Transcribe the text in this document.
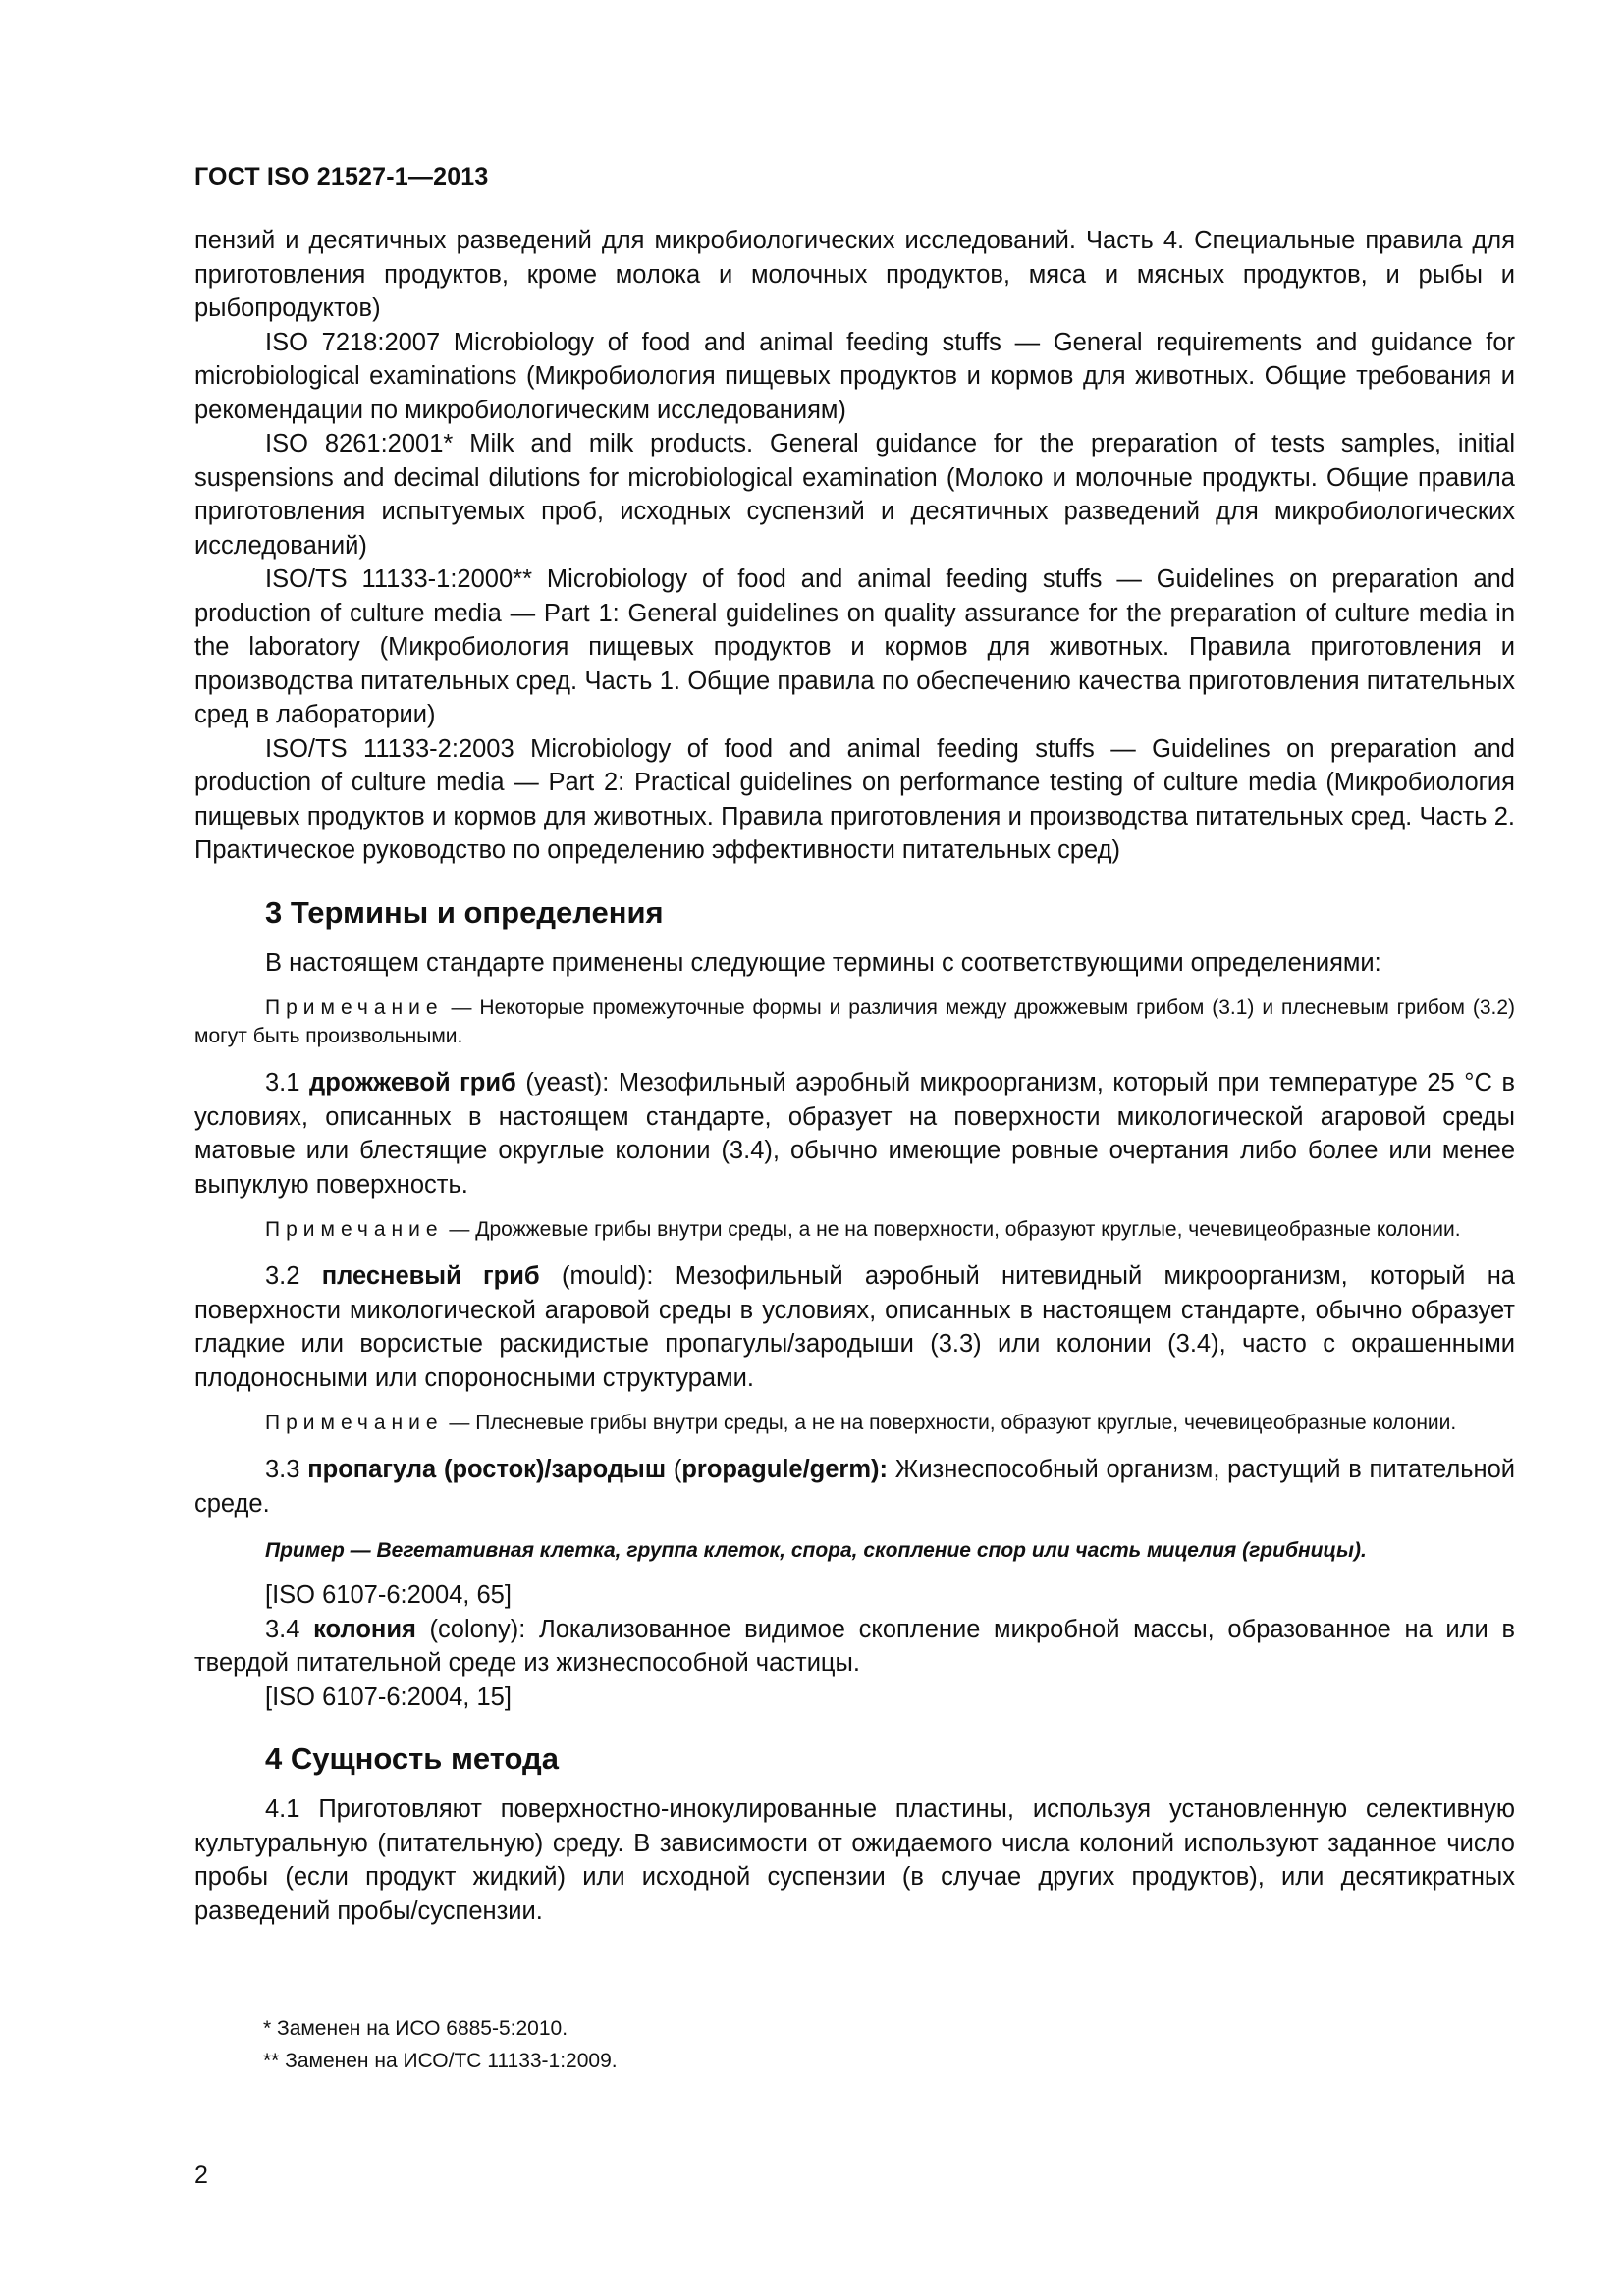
ГОСТ ISO 21527-1—2013

пензий и десятичных разведений для микробиологических исследований. Часть 4. Специальные правила для приготовления продуктов, кроме молока и молочных продуктов, мяса и мясных продуктов, и рыбы и рыбопродуктов)

ISO 7218:2007 Microbiology of food and animal feeding stuffs — General requirements and guidance for microbiological examinations (Микробиология пищевых продуктов и кормов для животных. Общие требования и рекомендации по микробиологическим исследованиям)

ISO 8261:2001* Milk and milk products. General guidance for the preparation of tests samples, initial suspensions and decimal dilutions for microbiological examination (Молоко и молочные продукты. Общие правила приготовления испытуемых проб, исходных суспензий и десятичных разведений для микробиологических исследований)

ISO/TS 11133-1:2000** Microbiology of food and animal feeding stuffs — Guidelines on preparation and production of culture media — Part 1: General guidelines on quality assurance for the preparation of culture media in the laboratory (Микробиология пищевых продуктов и кормов для животных. Правила приготовления и производства питательных сред. Часть 1. Общие правила по обеспечению качества приготовления питательных сред в лаборатории)

ISO/TS 11133-2:2003 Microbiology of food and animal feeding stuffs — Guidelines on preparation and production of culture media — Part 2: Practical guidelines on performance testing of culture media (Микробиология пищевых продуктов и кормов для животных. Правила приготовления и производства питательных сред. Часть 2. Практическое руководство по определению эффективности питательных сред)

3 Термины и определения

В настоящем стандарте применены следующие термины с соответствующими определениями:

Примечание — Некоторые промежуточные формы и различия между дрожжевым грибом (3.1) и плесневым грибом (3.2) могут быть произвольными.

3.1 дрожжевой гриб (yeast): Мезофильный аэробный микроорганизм, который при температуре 25 °С в условиях, описанных в настоящем стандарте, образует на поверхности микологической агаровой среды матовые или блестящие округлые колонии (3.4), обычно имеющие ровные очертания либо более или менее выпуклую поверхность.

Примечание — Дрожжевые грибы внутри среды, а не на поверхности, образуют круглые, чечевицеобразные колонии.

3.2 плесневый гриб (mould): Мезофильный аэробный нитевидный микроорганизм, который на поверхности микологической агаровой среды в условиях, описанных в настоящем стандарте, обычно образует гладкие или ворсистые раскидистые пропагулы/зародыши (3.3) или колонии (3.4), часто с окрашенными плодоносными или спороносными структурами.

Примечание — Плесневые грибы внутри среды, а не на поверхности, образуют круглые, чечевицеобразные колонии.

3.3 пропагула (росток)/зародыш (propagule/germ): Жизнеспособный организм, растущий в питательной среде.

Пример — Вегетативная клетка, группа клеток, спора, скопление спор или часть мицелия (грибницы).

[ISO 6107-6:2004, 65]

3.4 колония (colony): Локализованное видимое скопление микробной массы, образованное на или в твердой питательной среде из жизнеспособной частицы.

[ISO 6107-6:2004, 15]

4 Сущность метода

4.1 Приготовляют поверхностно-инокулированные пластины, используя установленную селективную культуральную (питательную) среду. В зависимости от ожидаемого числа колоний используют заданное число пробы (если продукт жидкий) или исходной суспензии (в случае других продуктов), или десятикратных разведений пробы/суспензии.

* Заменен на ИСО 6885-5:2010.

** Заменен на ИСО/ТС 11133-1:2009.

2
